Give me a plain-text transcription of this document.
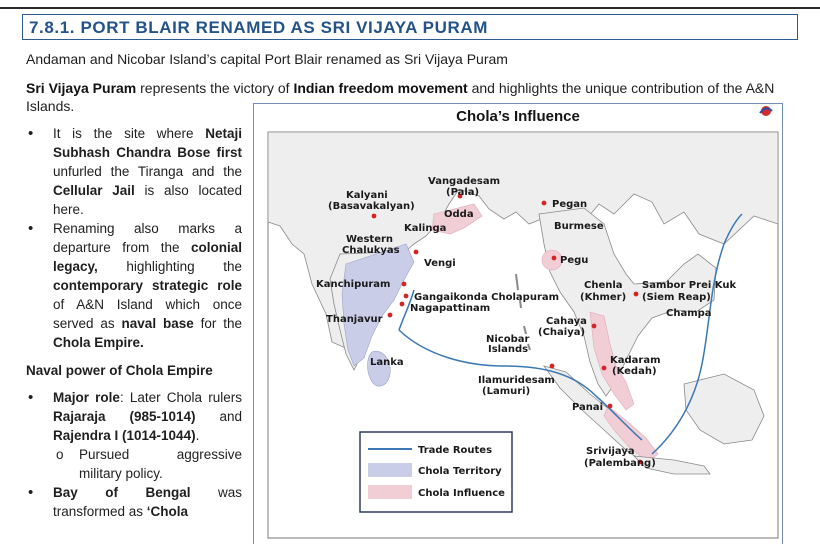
7.8.1. PORT BLAIR RENAMED AS SRI VIJAYA PURAM
Andaman and Nicobar Island’s capital Port Blair renamed as Sri Vijaya Puram
Sri Vijaya Puram represents the victory of Indian freedom movement and highlights the unique contribution of the A&N Islands.
• It is the site where Netaji Subhash Chandra Bose first unfurled the Tiranga and the Cellular Jail is also located here.
• Renaming also marks a departure from the colonial legacy, highlighting the contemporary strategic role of A&N Island which once served as naval base for the Chola Empire.
Naval power of Chola Empire
• Major role: Later Chola rulers Rajaraja (985-1014) and Rajendra I (1014-1044).
o Pursued aggressive military policy.
• Bay of Bengal was transformed as ‘Chola
Chola’s Influence
Vangadesam
(Pala)
Kalyani
(Basavakalyan)
Odda
Kalinga
Western
Chalukyas
Vengi
Kanchipuram
Gangaikonda Cholapuram
Nagapattinam
Thanjavur
Lanka
Pegan
Burmese
Pegu
Chenla
(Khmer)
Sambor Prei Kuk
(Siem Reap)
Champa
Cahaya
(Chaiya)
Nicobar
Islands
Kadaram
(Kedah)
Ilamuridesam
(Lamuri)
Panai
Srivijaya
(Palembang)
Trade Routes
Chola Territory
Chola Influence
